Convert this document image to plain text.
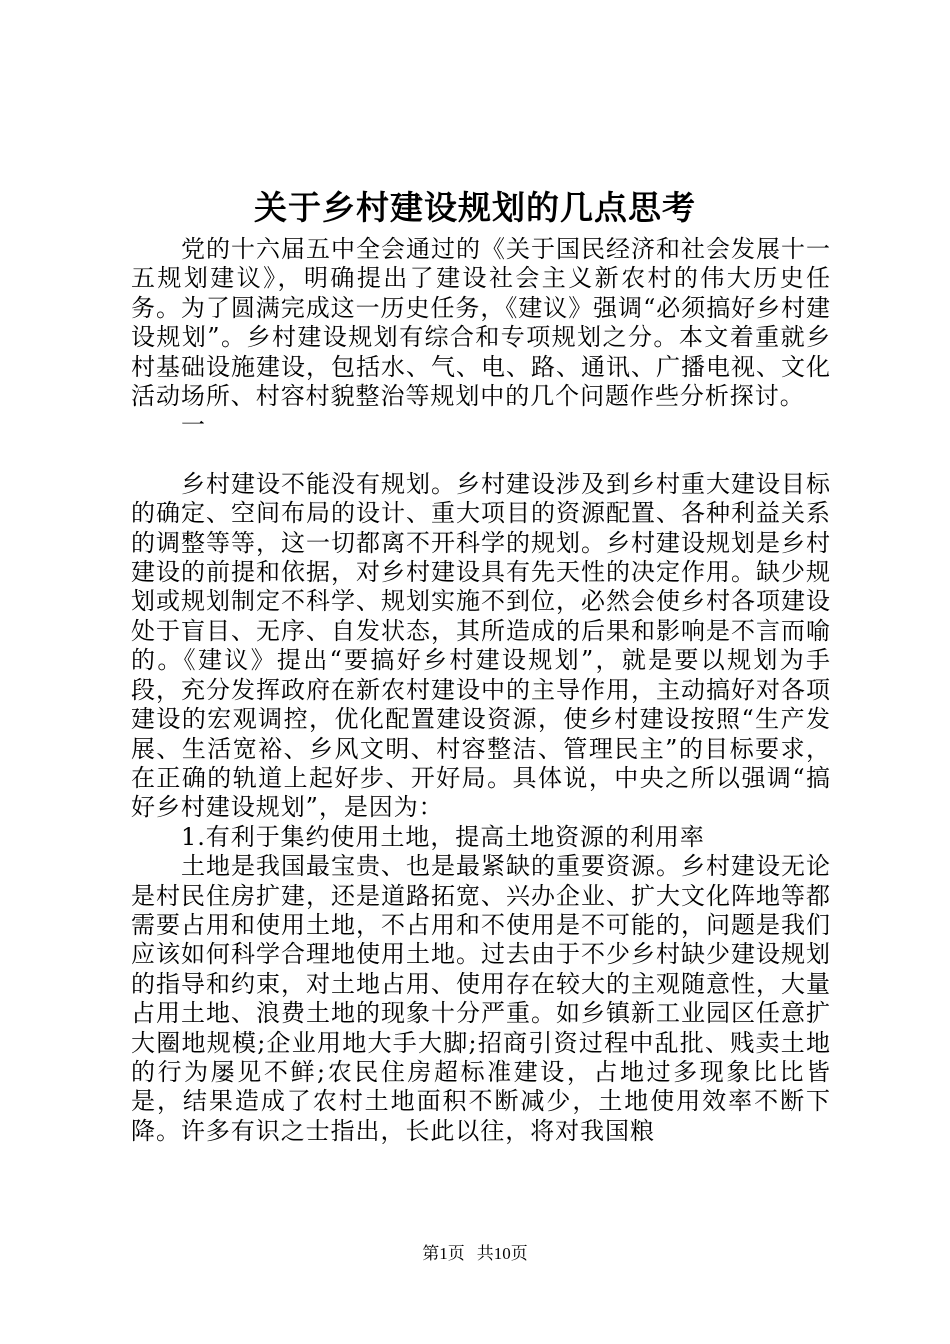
关于乡村建设规划的几点思考

党的十六届五中全会通过的《关于国民经济和社会发展十一五规划建议》，明确提出了建设社会主义新农村的伟大历史任务。为了圆满完成这一历史任务，《建议》强调“必须搞好乡村建设规划”。乡村建设规划有综合和专项规划之分。本文着重就乡村基础设施建设，包括水、气、电、路、通讯、广播电视、文化活动场所、村容村貌整治等规划中的几个问题作些分析探讨。

一

乡村建设不能没有规划。乡村建设涉及到乡村重大建设目标的确定、空间布局的设计、重大项目的资源配置、各种利益关系的调整等等，这一切都离不开科学的规划。乡村建设规划是乡村建设的前提和依据，对乡村建设具有先天性的决定作用。缺少规划或规划制定不科学、规划实施不到位，必然会使乡村各项建设处于盲目、无序、自发状态，其所造成的后果和影响是不言而喻的。《建议》提出“要搞好乡村建设规划”，就是要以规划为手段，充分发挥政府在新农村建设中的主导作用，主动搞好对各项建设的宏观调控，优化配置建设资源，使乡村建设按照“生产发展、生活宽裕、乡风文明、村容整洁、管理民主”的目标要求，在正确的轨道上起好步、开好局。具体说，中央之所以强调“搞好乡村建设规划”，是因为：

1.有利于集约使用土地，提高土地资源的利用率

土地是我国最宝贵、也是最紧缺的重要资源。乡村建设无论是村民住房扩建，还是道路拓宽、兴办企业、扩大文化阵地等都需要占用和使用土地，不占用和不使用是不可能的，问题是我们应该如何科学合理地使用土地。过去由于不少乡村缺少建设规划的指导和约束，对土地占用、使用存在较大的主观随意性，大量占用土地、浪费土地的现象十分严重。如乡镇新工业园区任意扩大圈地规模;企业用地大手大脚;招商引资过程中乱批、贱卖土地的行为屡见不鲜;农民住房超标准建设，占地过多现象比比皆是，结果造成了农村土地面积不断减少，土地使用效率不断下降。许多有识之士指出，长此以往，将对我国粮

第1页 共10页
